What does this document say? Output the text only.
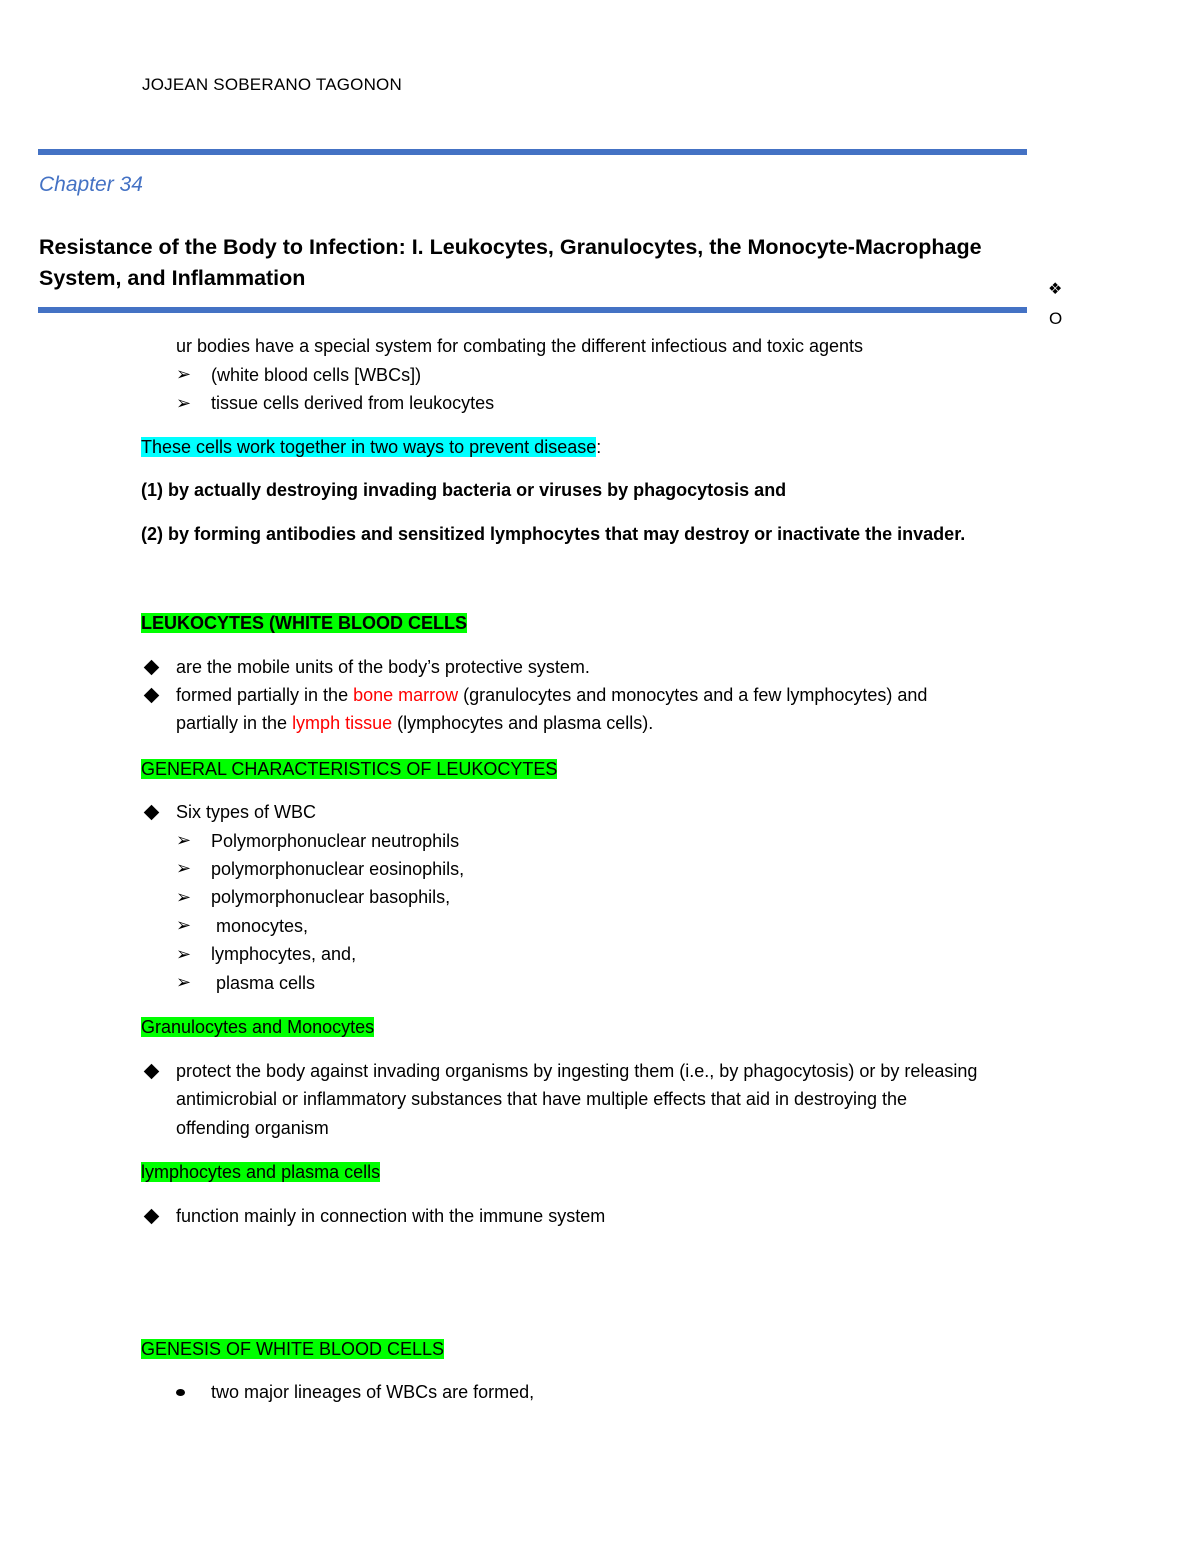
JOJEAN SOBERANO TAGONON
Chapter 34
Resistance of the Body to Infection: I. Leukocytes, Granulocytes, the Monocyte-Macrophage System, and Inflammation	❖
O
ur bodies have a special system for combating the different infectious and toxic agents
➢ (white blood cells [WBCs])
➢ tissue cells derived from leukocytes
These cells work together in two ways to prevent disease:
(1) by actually destroying invading bacteria or viruses by phagocytosis and
(2) by forming antibodies and sensitized lymphocytes that may destroy or inactivate the invader.
LEUKOCYTES (WHITE BLOOD CELLS
are the mobile units of the body’s protective system.
formed partially in the bone marrow (granulocytes and monocytes and a few lymphocytes) and
partially in the lymph tissue (lymphocytes and plasma cells).
GENERAL CHARACTERISTICS OF LEUKOCYTES
Six types of WBC
➢ Polymorphonuclear neutrophils
➢ polymorphonuclear eosinophils,
➢ polymorphonuclear basophils,
➢ monocytes,
➢ lymphocytes, and,
➢ plasma cells
Granulocytes and Monocytes
protect the body against invading organisms by ingesting them (i.e., by phagocytosis) or by releasing
antimicrobial or inflammatory substances that have multiple effects that aid in destroying the
offending organism
lymphocytes and plasma cells
function mainly in connection with the immune system
GENESIS OF WHITE BLOOD CELLS
two major lineages of WBCs are formed,
